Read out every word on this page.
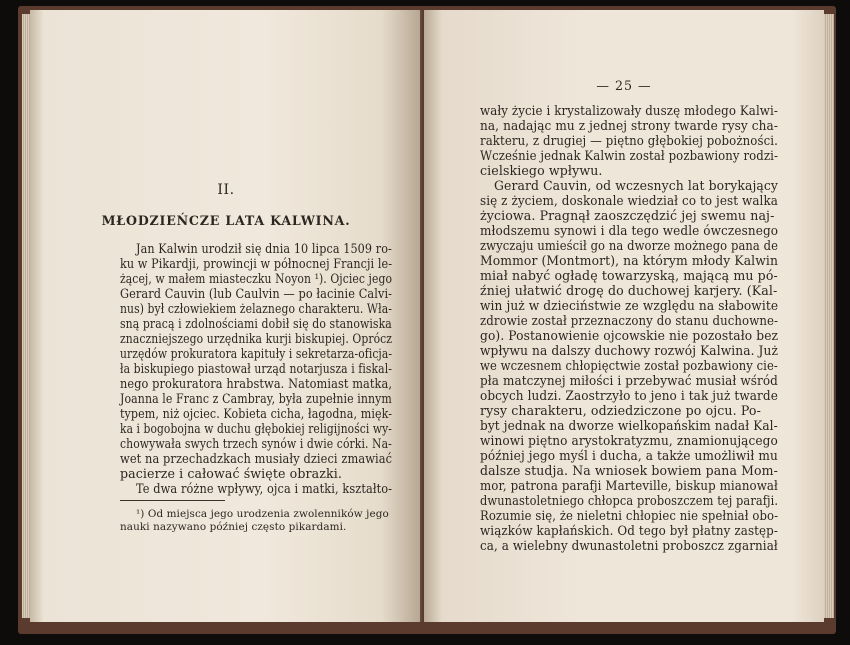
II.
MŁODZIEŃCZE LATA KALWINA.
Jan Kalwin urodził się dnia 10 lipca 1509 ro-
ku w Pikardji, prowincji w północnej Francji le-
żącej, w małem miasteczku Noyon ¹). Ojciec jego
Gerard Cauvin (lub Caulvin — po łacinie Calvi-
nus) był człowiekiem żelaznego charakteru. Wła-
sną pracą i zdolnościami dobił się do stanowiska
znaczniejszego urzędnika kurji biskupiej. Oprócz
urzędów prokuratora kapituły i sekretarza-oficja-
ła biskupiego piastował urząd notarjusza i fiskal-
nego prokuratora hrabstwa. Natomiast matka,
Joanna le Franc z Cambray, była zupełnie innym
typem, niż ojciec. Kobieta cicha, łagodna, mięk-
ka i bogobojna w duchu głębokiej religijności wy-
chowywała swych trzech synów i dwie córki. Na-
wet na przechadzkach musiały dzieci zmawiać
pacierze i całować święte obrazki.
Te dwa różne wpływy, ojca i matki, kształto-
¹) Od miejsca jego urodzenia zwolenników jego
nauki nazywano później często pikardami.
— 25 —
wały życie i krystalizowały duszę młodego Kalwi-
na, nadając mu z jednej strony twarde rysy cha-
rakteru, z drugiej — piętno głębokiej pobożności.
Wcześnie jednak Kalwin został pozbawiony rodzi-
cielskiego wpływu.
Gerard Cauvin, od wczesnych lat borykający
się z życiem, doskonale wiedział co to jest walka
życiowa. Pragnął zaoszczędzić jej swemu naj-
młodszemu synowi i dla tego wedle ówczesnego
zwyczaju umieścił go na dworze możnego pana de
Mommor (Montmort), na którym młody Kalwin
miał nabyć ogładę towarzyską, mającą mu pó-
źniej ułatwić drogę do duchowej karjery. (Kal-
win już w dzieciństwie ze względu na słabowite
zdrowie został przeznaczony do stanu duchowne-
go). Postanowienie ojcowskie nie pozostało bez
wpływu na dalszy duchowy rozwój Kalwina. Już
we wczesnem chłopięctwie został pozbawiony cie-
pła matczynej miłości i przebywać musiał wśród
obcych ludzi. Zaostrzyło to jeno i tak już twarde
rysy charakteru, odziedziczone po ojcu. Po-
byt jednak na dworze wielkopańskim nadał Kal-
winowi piętno arystokratyzmu, znamionującego
później jego myśl i ducha, a także umożliwił mu
dalsze studja. Na wniosek bowiem pana Mom-
mor, patrona parafji Marteville, biskup mianował
dwunastoletniego chłopca proboszczem tej parafji.
Rozumie się, że nieletni chłopiec nie spełniał obo-
wiązków kapłańskich. Od tego był płatny zastęp-
ca, a wielebny dwunastoletni proboszcz zgarniał
